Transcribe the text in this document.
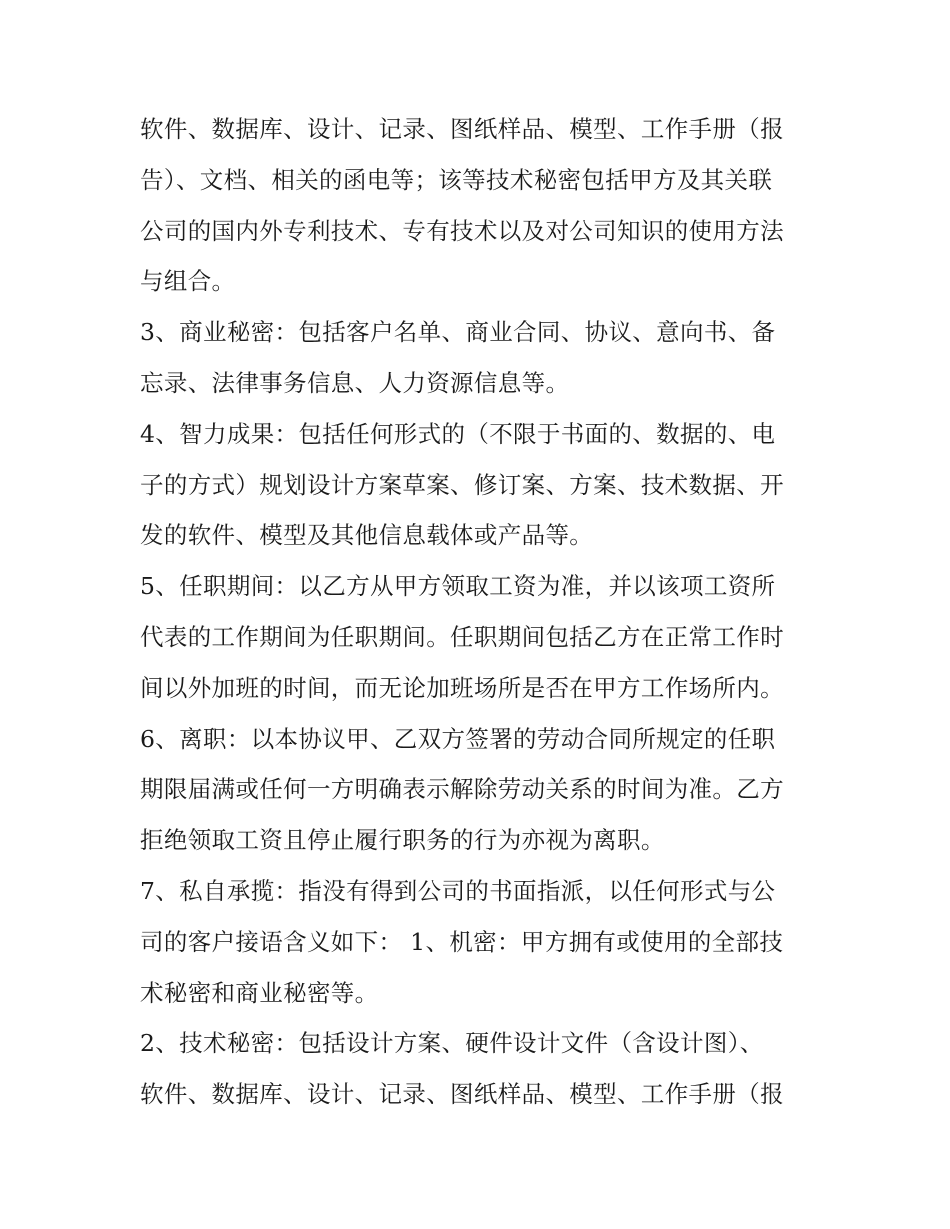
软件、数据库、设计、记录、图纸样品、模型、工作手册（报
告）、文档、相关的函电等；该等技术秘密包括甲方及其关联
公司的国内外专利技术、专有技术以及对公司知识的使用方法
与组合。
3、商业秘密：包括客户名单、商业合同、协议、意向书、备
忘录、法律事务信息、人力资源信息等。
4、智力成果：包括任何形式的（不限于书面的、数据的、电
子的方式）规划设计方案草案、修订案、方案、技术数据、开
发的软件、模型及其他信息载体或产品等。
5、任职期间：以乙方从甲方领取工资为准，并以该项工资所
代表的工作期间为任职期间。任职期间包括乙方在正常工作时
间以外加班的时间，而无论加班场所是否在甲方工作场所内。
6、离职：以本协议甲、乙双方签署的劳动合同所规定的任职
期限届满或任何一方明确表示解除劳动关系的时间为准。乙方
拒绝领取工资且停止履行职务的行为亦视为离职。
7、私自承揽：指没有得到公司的书面指派，以任何形式与公
司的客户接语含义如下： 1、机密：甲方拥有或使用的全部技
术秘密和商业秘密等。
2、技术秘密：包括设计方案、硬件设计文件（含设计图）、
软件、数据库、设计、记录、图纸样品、模型、工作手册（报
